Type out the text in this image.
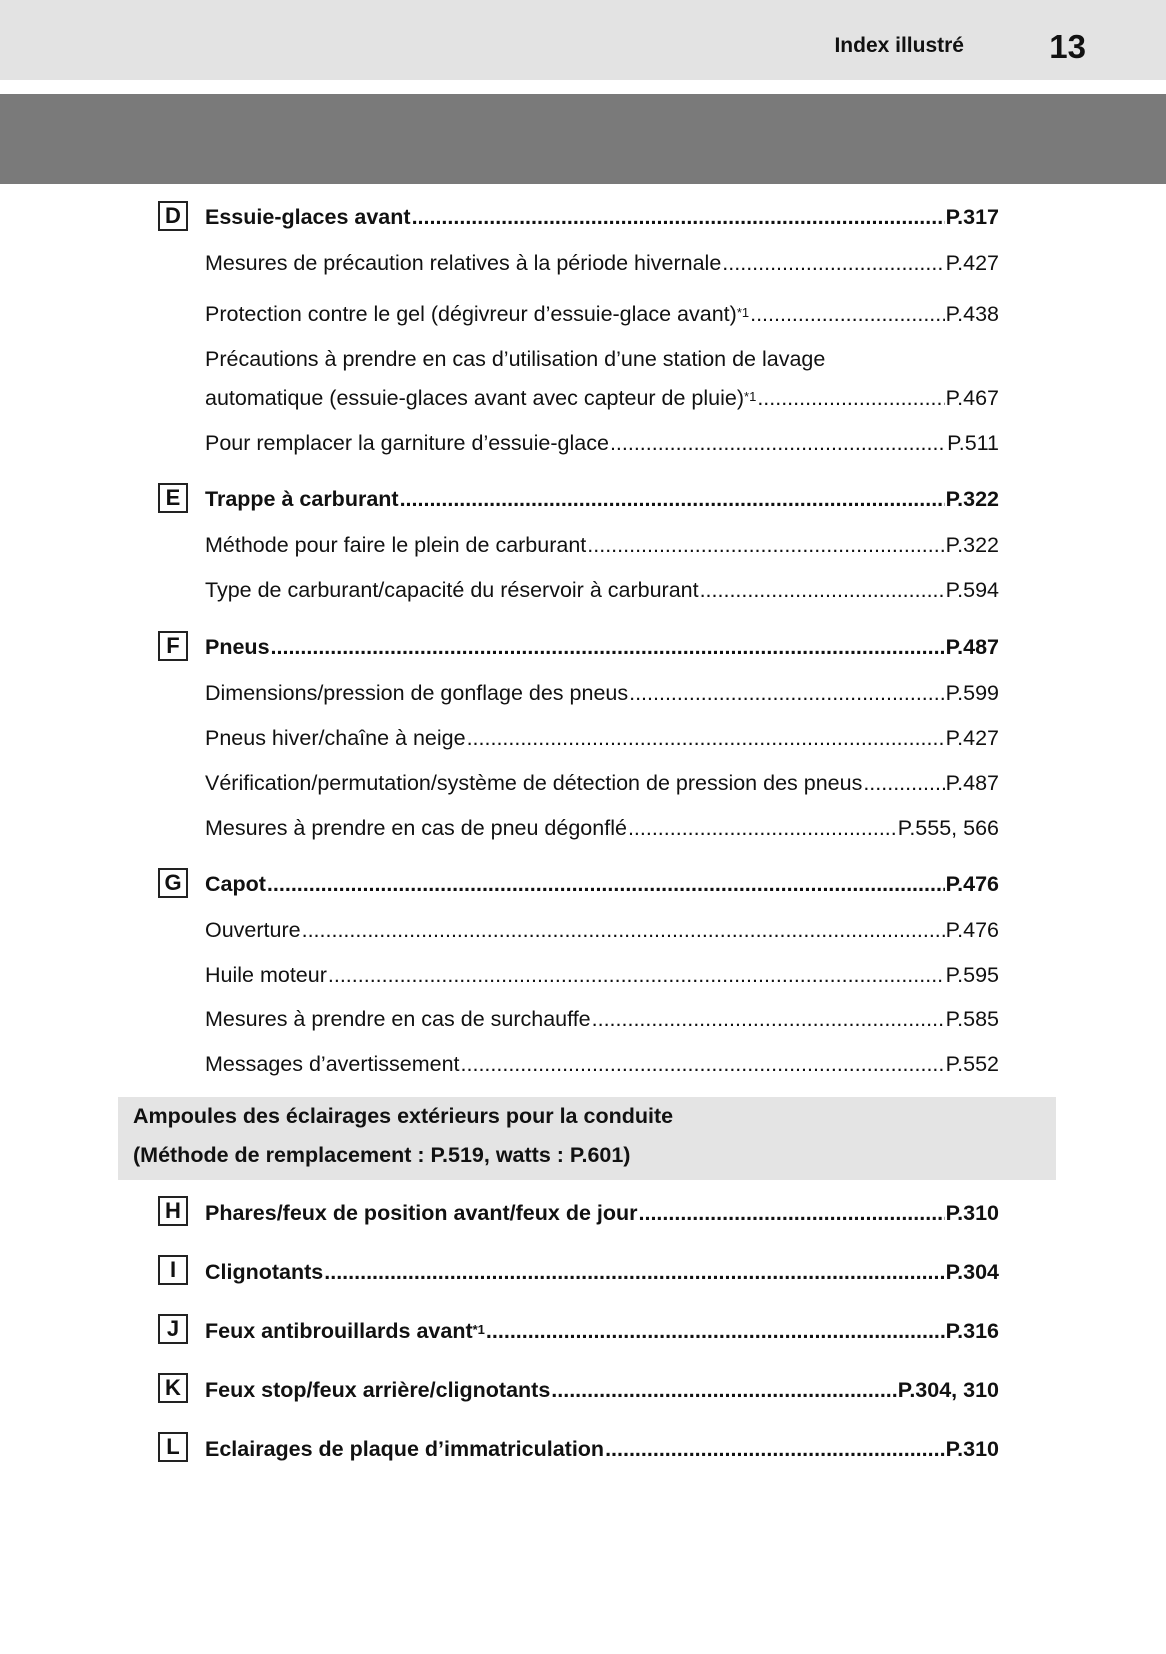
Index illustré	13
D	Essuie-glaces avant .....	P.317
Mesures de précaution relatives à la période hivernale .....	P.427
Protection contre le gel (dégivreur d’essuie-glace avant)$^{*1}$ .....	P.438
Précautions à prendre en cas d’utilisation d’une station de lavage
automatique (essuie-glaces avant avec capteur de pluie)$^{*1}$ .....	P.467
Pour remplacer la garniture d’essuie-glace .....	P.511
E	Trappe à carburant .....	P.322
Méthode pour faire le plein de carburant .....	P.322
Type de carburant/capacité du réservoir à carburant .....	P.594
F	Pneus .....	P.487
Dimensions/pression de gonflage des pneus .....	P.599
Pneus hiver/chaîne à neige .....	P.427
Vérification/permutation/système de détection de pression des pneus .....	P.487
Mesures à prendre en cas de pneu dégonflé .....	P.555, 566
G Capot .....	P.476
Ouverture .....	P.476
Huile moteur .....	P.595
Mesures à prendre en cas de surchauffe .....	P.585
Messages d’avertissement .....	P.552
Ampoules des éclairages extérieurs pour la conduite
(Méthode de remplacement : P.519, watts : P.601)
H	Phares/feux de position avant/feux de jour .....	P.310
I	Clignotants .....	P.304
J	Feux antibrouillards avant$^{*1}$ .....	P.316
K	Feux stop/feux arrière/clignotants .....	P.304, 310
L	Eclairages de plaque d’immatriculation .....	P.310
